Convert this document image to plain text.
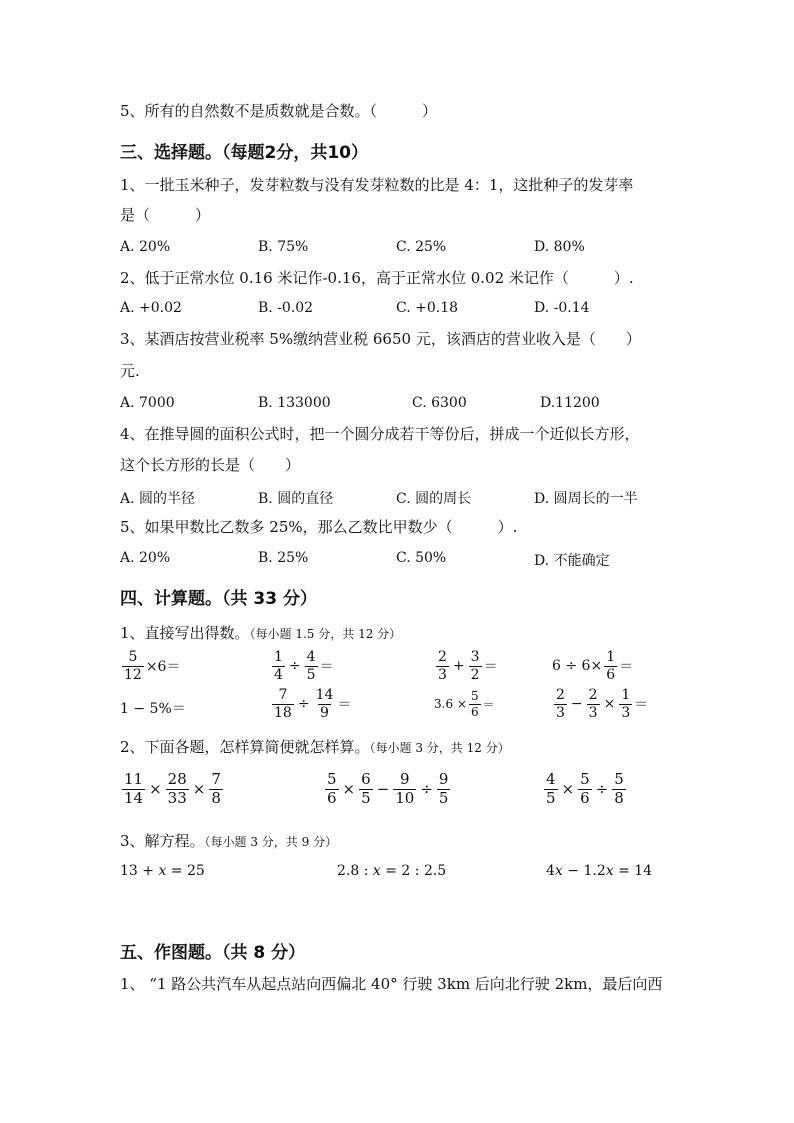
5、所有的自然数不是质数就是合数。（　　　）
三、选择题。（每题2分，共10）
1、一批玉米种子，发芽粒数与没有发芽粒数的比是 4：1，这批种子的发芽率
是（　　　）
A. 20%	B. 75%	C. 25%	D. 80%
2、低于正常水位 0.16 米记作-0.16，高于正常水位 0.02 米记作（　　　）.
A. +0.02	B. -0.02	C. +0.18	D. -0.14
3、某酒店按营业税率 5%缴纳营业税 6650 元，该酒店的营业收入是（　　）
元.
A. 7000	B. 133000	C. 6300	D.11200
4、在推导圆的面积公式时，把一个圆分成若干等份后，拼成一个近似长方形，
这个长方形的长是（　　）
A. 圆的半径	B. 圆的直径	C. 圆的周长	D. 圆周长的一半
5、如果甲数比乙数多 25%，那么乙数比甲数少（　　　）.
A. 20%	B. 25%	C. 50%	D. 不能确定
四、计算题。（共 33 分）
1、直接写出得数。（每小题 1.5 分，共 12 分）
$\frac{5}{12} \times 6=$	$\frac{1}{4} \div \frac{4}{5}$ ＝	$\frac{2}{3} + \frac{3}{2}$ ＝	$6 \div 6\times \frac{1}{6}$ ＝
1 − 5%＝	$\frac{7}{18} \div \frac{14}{9}$ ＝	$3.6 \times \frac{5}{6}$ ＝	$\frac{2}{3} - \frac{2}{3} \times \frac{1}{3}$ ＝
2、下面各题，怎样算简便就怎样算。（每小题 3 分，共 12 分）
$\frac{11}{14} \times \frac{28}{33} \times \frac{7}{8}$	$\frac{5}{6} \times \frac{6}{5} - \frac{9}{10} \div \frac{9}{5}$	$\frac{4}{5} \times \frac{5}{6} \div \frac{5}{8}$
3、解方程。（每小题 3 分，共 9 分）
13 + x = 25	2.8 : x = 2 : 2.5	4 x − 1.2 x = 14
五、作图题。（共 8 分）
1、 “1 路公共汽车从起点站向西偏北 40° 行驶 3km 后向北行驶 2km，最后向西
